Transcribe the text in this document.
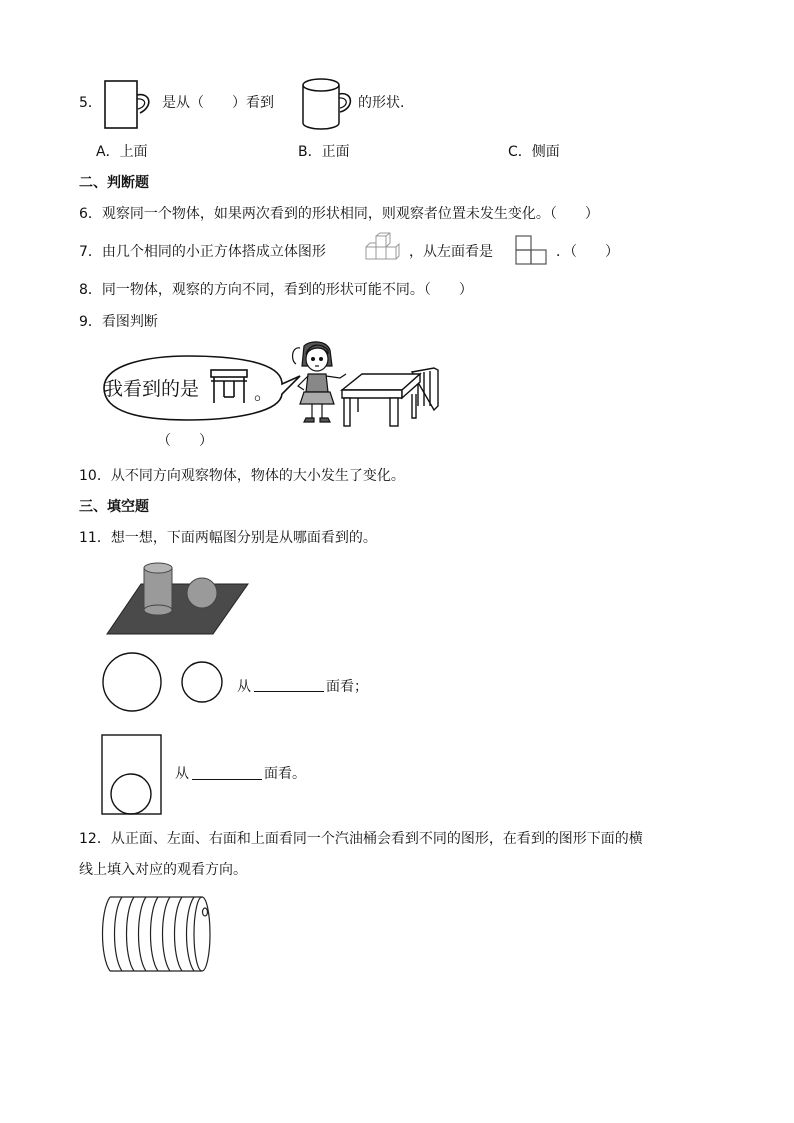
5．	是从（　　）看到	的形状.
A．上面	B．正面	C．侧面
二、判断题
6．观察同一个物体，如果两次看到的形状相同，则观察者位置未发生变化。（　　）
7．由几个相同的小正方体搭成立体图形	，从左面看是	．（　　）
8．同一物体，观察的方向不同，看到的形状可能不同。（　　）
9．看图判断
我看到的是	。
（　　）
10．从不同方向观察物体，物体的大小发生了变化。
三、填空题
11．想一想，下面两幅图分别是从哪面看到的。
从	面看；
从	面看。
12．从正面、左面、右面和上面看同一个汽油桶会看到不同的图形，在看到的图形下面的横
线上填入对应的观看方向。
